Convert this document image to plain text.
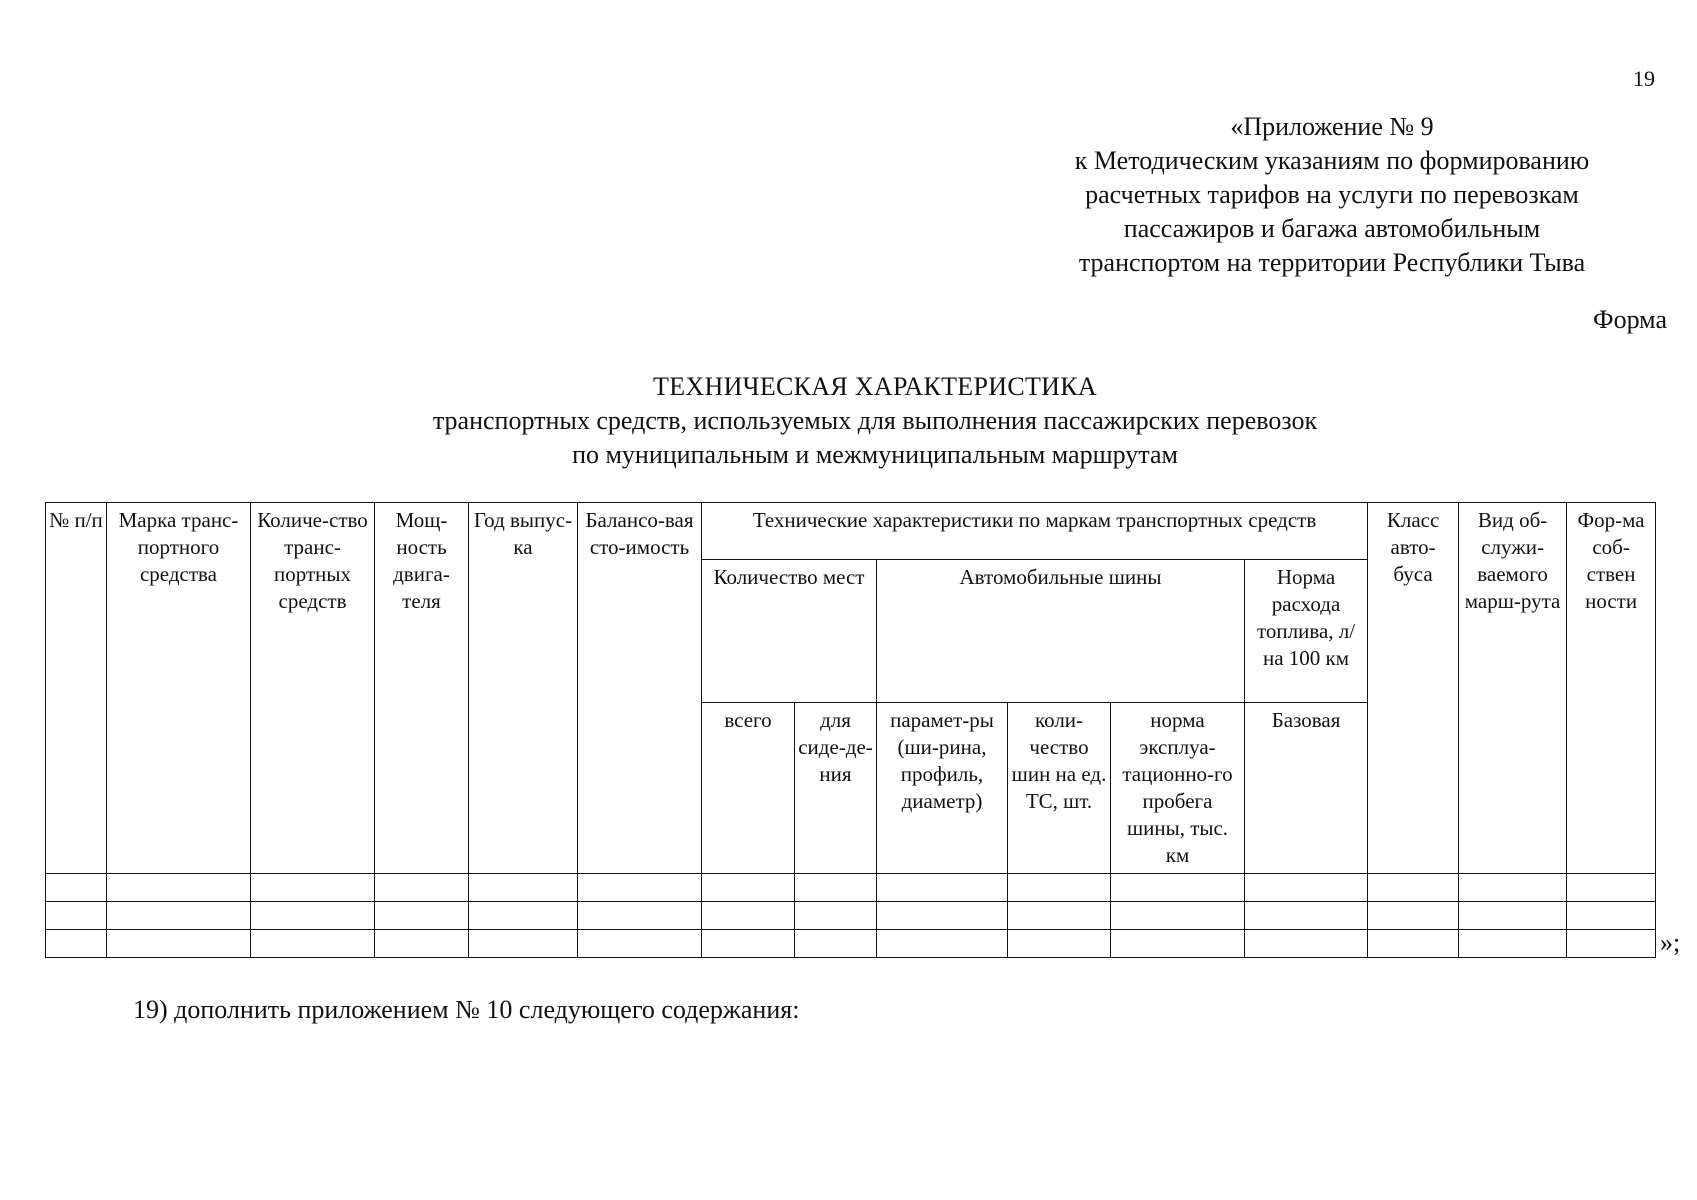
19
«Приложение № 9
к Методическим указаниям по формированию
расчетных тарифов на услуги по перевозкам
пассажиров и багажа автомобильным
транспортом на территории Республики Тыва
Форма
ТЕХНИЧЕСКАЯ ХАРАКТЕРИСТИКА
транспортных средств, используемых для выполнения пассажирских перевозок
по муниципальным и межмуниципальным маршрутам
№ п/п	Марка транс-портного средства	Количе-ство транс-портных средств	Мощ-ность двига-теля	Год выпус-ка	Балансо-вая сто-имость	Технические характеристики по маркам транспортных средств						Класс авто-буса	Вид об-служи-ваемого марш-рута	Фор-ма соб-ствен ности
						Количество мест		Автомобильные шины			Норма расхода топлива, л/на 100 км			
						всего	для сиде-де-ния	парамет-ры (ши-рина, профиль, диаметр)	коли-чество шин на ед. ТС, шт.	норма эксплуа-тационно-го пробега шины, тыс. км	Базовая			

»;
19) дополнить приложением № 10 следующего содержания:
